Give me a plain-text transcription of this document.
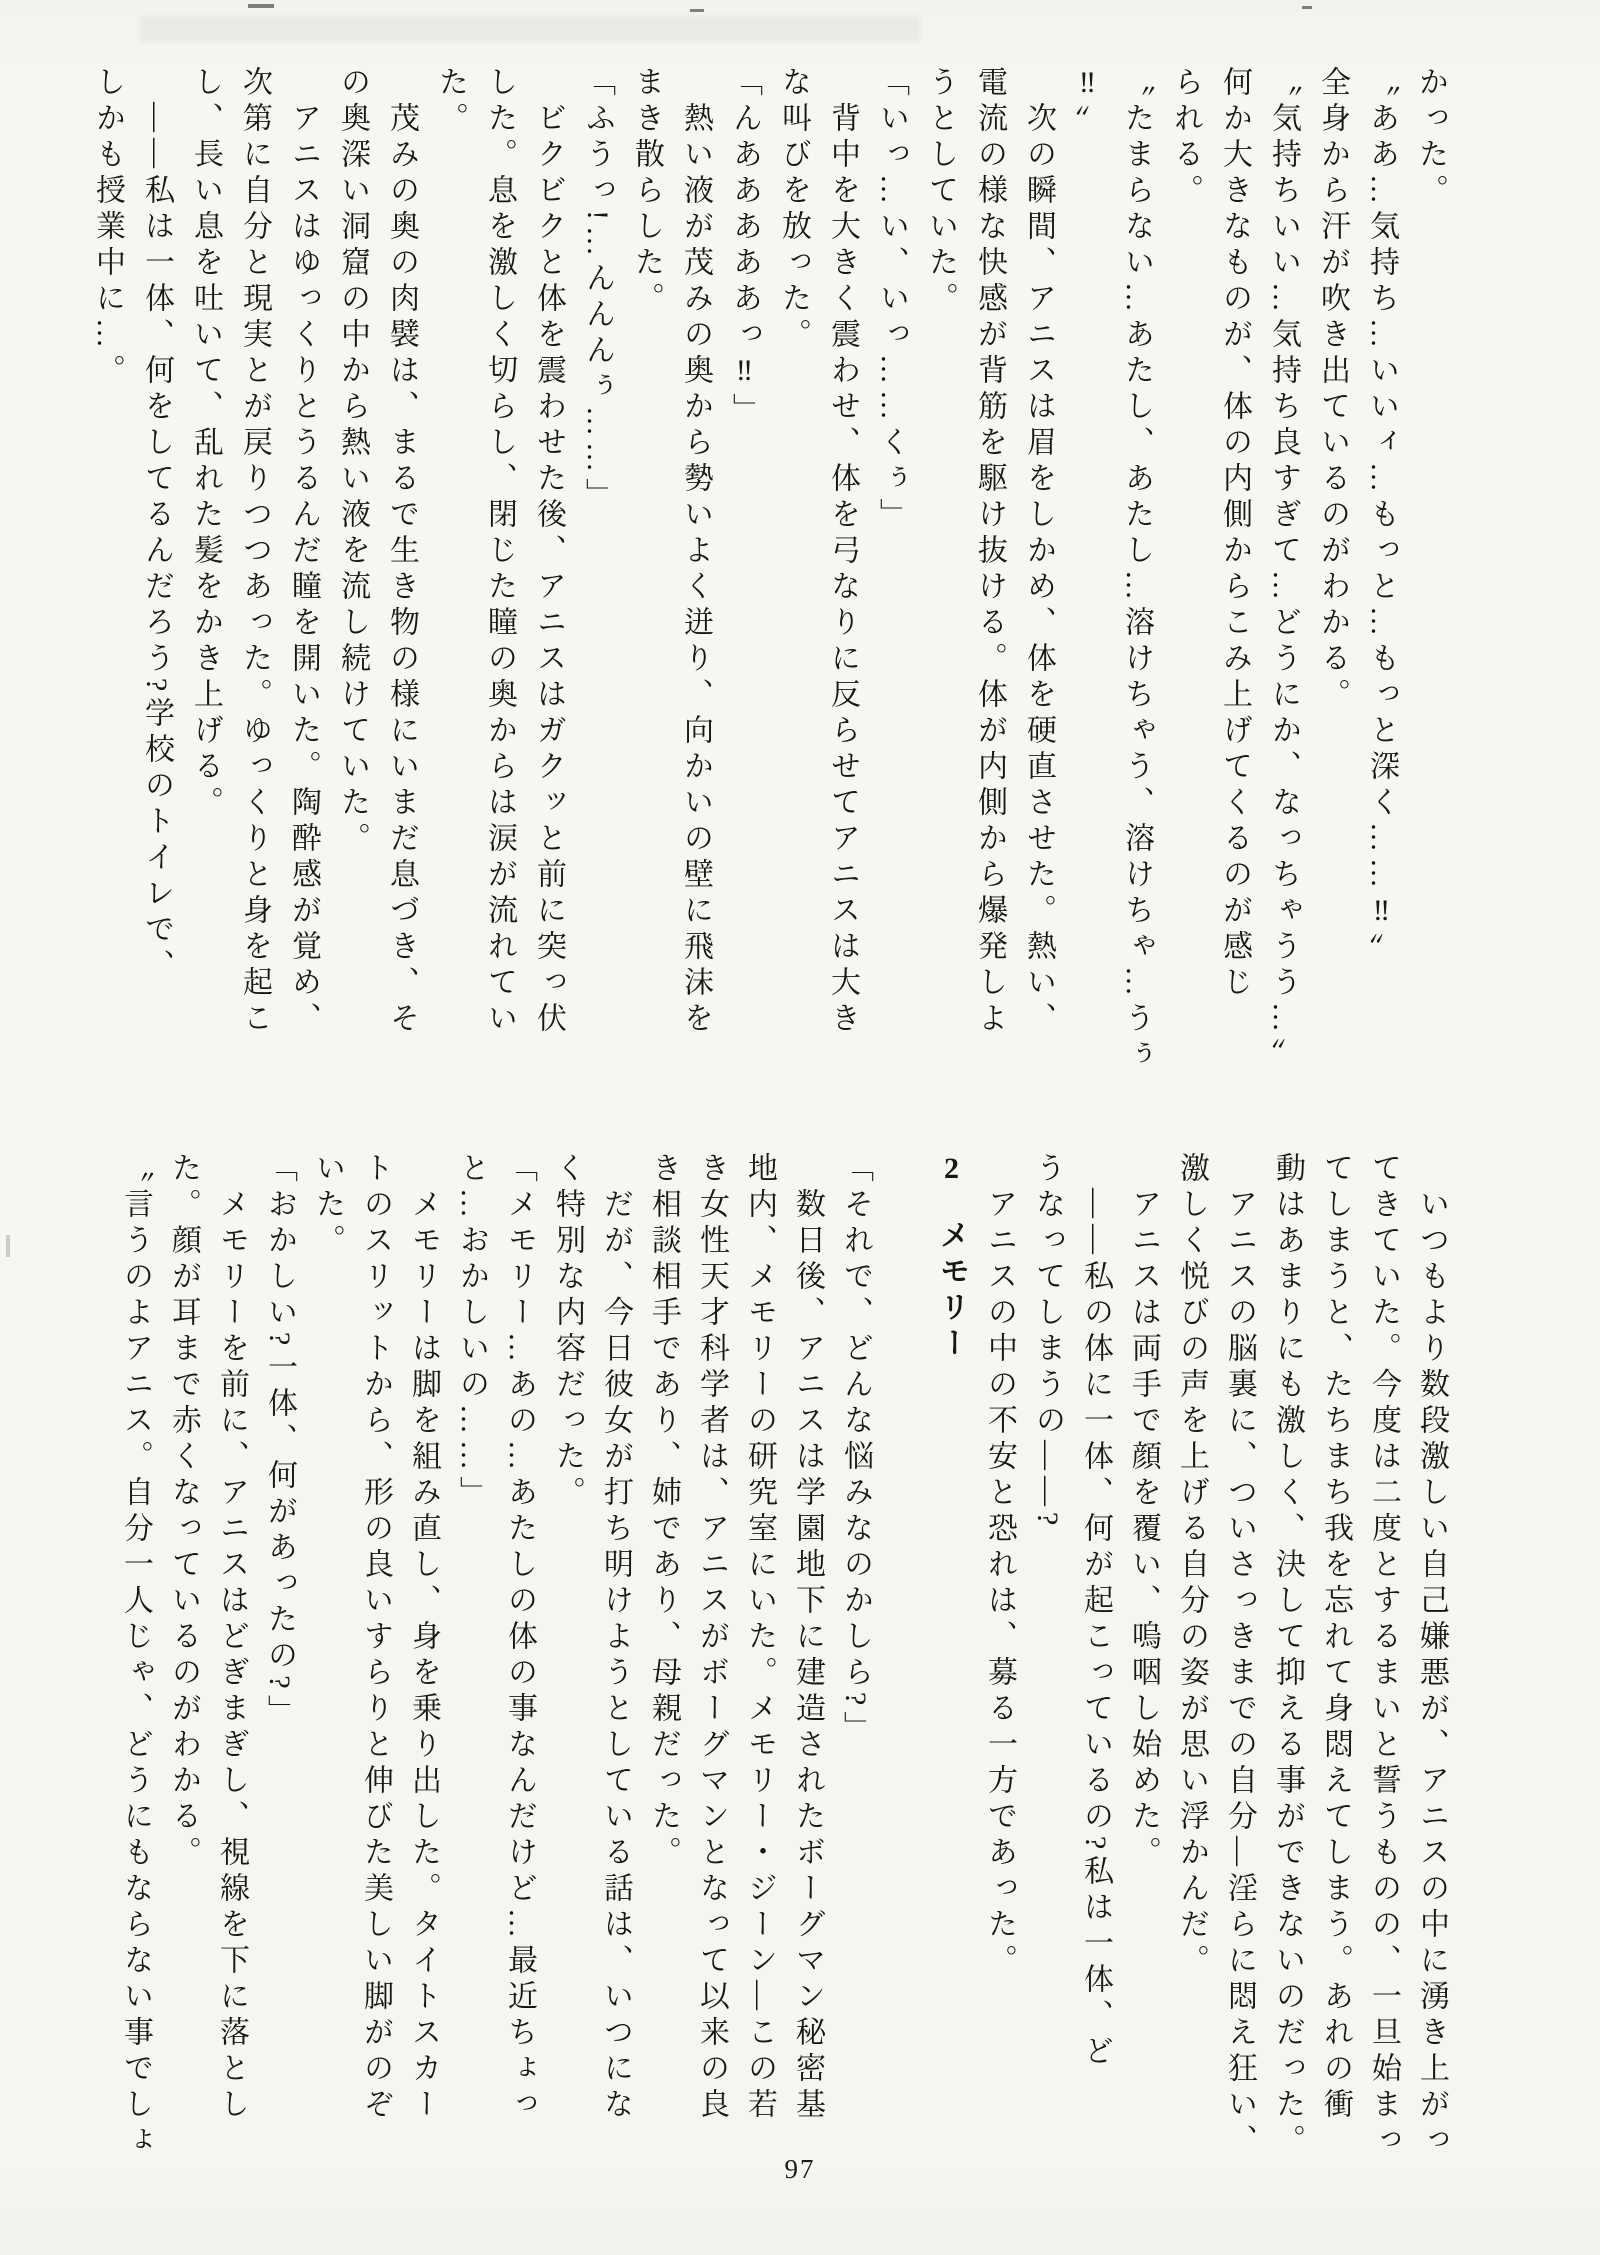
かった。
〝ああ…気持ち…いいィ…もっと…もっと深く……‼〟
全身から汗が吹き出ているのがわかる。
〝気持ちいい…気持ち良すぎて…どうにか、なっちゃうう…〟
何か大きなものが、体の内側からこみ上げてくるのが感じ
られる。
〝たまらない…あたし、あたし…溶けちゃう、溶けちゃ…うぅ
‼〟
次の瞬間、アニスは眉をしかめ、体を硬直させた。熱い、
電流の様な快感が背筋を駆け抜ける。体が内側から爆発しよ
うとしていた。
「いっ…い、いっ……くぅ」
背中を大きく震わせ、体を弓なりに反らせてアニスは大き
な叫びを放った。
「んあああああっ‼」
熱い液が茂みの奥から勢いよく迸り、向かいの壁に飛沫を
まき散らした。
「ふうっ!…んんんぅ……」
ビクビクと体を震わせた後、アニスはガクッと前に突っ伏
した。息を激しく切らし、閉じた瞳の奥からは涙が流れてい
た。
茂みの奥の肉襞は、まるで生き物の様にいまだ息づき、そ
の奥深い洞窟の中から熱い液を流し続けていた。
アニスはゆっくりとうるんだ瞳を開いた。陶酔感が覚め、
次第に自分と現実とが戻りつつあった。ゆっくりと身を起こ
し、長い息を吐いて、乱れた髪をかき上げる。
――私は一体、何をしてるんだろう?学校のトイレで、
しかも授業中に…。
いつもより数段激しい自己嫌悪が、アニスの中に湧き上がっ
てきていた。今度は二度とするまいと誓うものの、一旦始まっ
てしまうと、たちまち我を忘れて身悶えてしまう。あれの衝
動はあまりにも激しく、決して抑える事ができないのだった。
アニスの脳裏に、ついさっきまでの自分―淫らに悶え狂い、
激しく悦びの声を上げる自分の姿が思い浮かんだ。
アニスは両手で顔を覆い、嗚咽し始めた。
――私の体に一体、何が起こっているの?私は一体、ど
うなってしまうの――?
アニスの中の不安と恐れは、募る一方であった。
2メモリー
「それで、どんな悩みなのかしら?」
数日後、アニスは学園地下に建造されたボーグマン秘密基
地内、メモリーの研究室にいた。メモリー・ジーン―この若
き女性天才科学者は、アニスがボーグマンとなって以来の良
き相談相手であり、姉であり、母親だった。
だが、今日彼女が打ち明けようとしている話は、いつにな
く特別な内容だった。
「メモリー…あの…あたしの体の事なんだけど…最近ちょっ
と…おかしいの……」
メモリーは脚を組み直し、身を乗り出した。タイトスカー
トのスリットから、形の良いすらりと伸びた美しい脚がのぞ
いた。
「おかしい?一体、何があったの?」
メモリーを前に、アニスはどぎまぎし、視線を下に落とし
た。顔が耳まで赤くなっているのがわかる。
〝言うのよアニス。自分一人じゃ、どうにもならない事でしょ
97
